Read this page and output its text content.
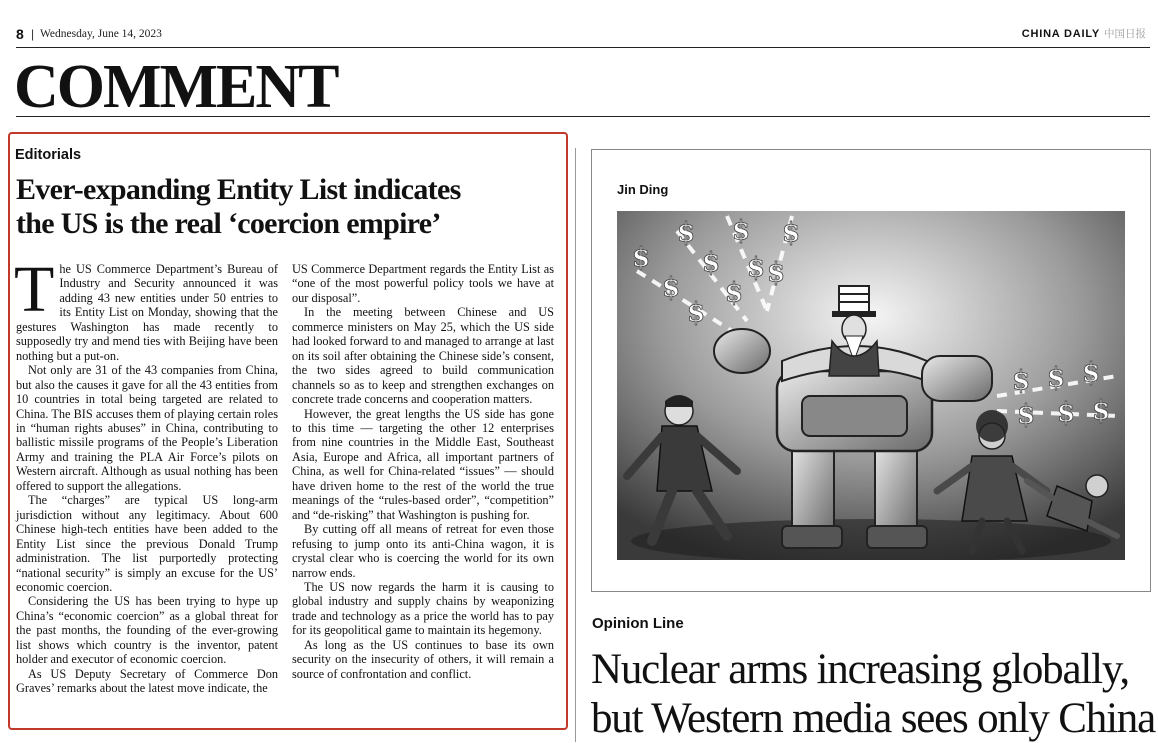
8 | Wednesday, June 14, 2023	CHINA DAILY 中国日报
COMMENT
Editorials
Ever-expanding Entity List indicates
the US is the real ‘coercion empire’

The US Commerce Department’s Bureau of Industry and Security announced it was adding 43 new entities under 50 entries to its Entity List on Monday, showing that the gestures Washington has made recently to supposedly try and mend ties with Beijing have been nothing but a put-on.

Not only are 31 of the 43 companies from China, but also the causes it gave for all the 43 entities from 10 countries in total being targeted are related to China. The BIS accuses them of playing certain roles in “human rights abuses” in China, contributing to ballistic missile programs of the People’s Liberation Army and training the PLA Air Force’s pilots on Western aircraft. Although as usual nothing has been offered to support the allegations.

The “charges” are typical US long-arm jurisdiction without any legitimacy. About 600 Chinese high-tech entities have been added to the Entity List since the previous Donald Trump administration. The list purportedly protecting “national security” is simply an excuse for the US’ economic coercion.

Considering the US has been trying to hype up China’s “economic coercion” as a global threat for the past months, the founding of the ever-growing list shows which country is the inventor, patent holder and executor of economic coercion.

As US Deputy Secretary of Commerce Don Graves’ remarks about the latest move indicate, the

US Commerce Department regards the Entity List as “one of the most powerful policy tools we have at our disposal”.

In the meeting between Chinese and US commerce ministers on May 25, which the US side had looked forward to and managed to arrange at last on its soil after obtaining the Chinese side’s consent, the two sides agreed to build communication channels so as to keep and strengthen exchanges on concrete trade concerns and cooperation matters.

However, the great lengths the US side has gone to this time — targeting the other 12 enterprises from nine countries in the Middle East, Southeast Asia, Europe and Africa, all important partners of China, as well for China-related “issues” — should have driven home to the rest of the world the true meanings of the “rules-based order”, “competition” and “de-risking” that Washington is pushing for.

By cutting off all means of retreat for even those refusing to jump onto its anti-China wagon, it is crystal clear who is coercing the world for its own narrow ends.

The US now regards the harm it is causing to global industry and supply chains by weaponizing trade and technology as a price the world has to pay for its geopolitical game to maintain its hegemony.

As long as the US continues to base its own security on the insecurity of others, it will remain a source of confrontation and conflict.

Jin Ding
$
$
$
$
$
$
$
$
$
$
$ $ $
$ $ $
Opinion Line
Nuclear arms increasing globally,
but Western media sees only China
